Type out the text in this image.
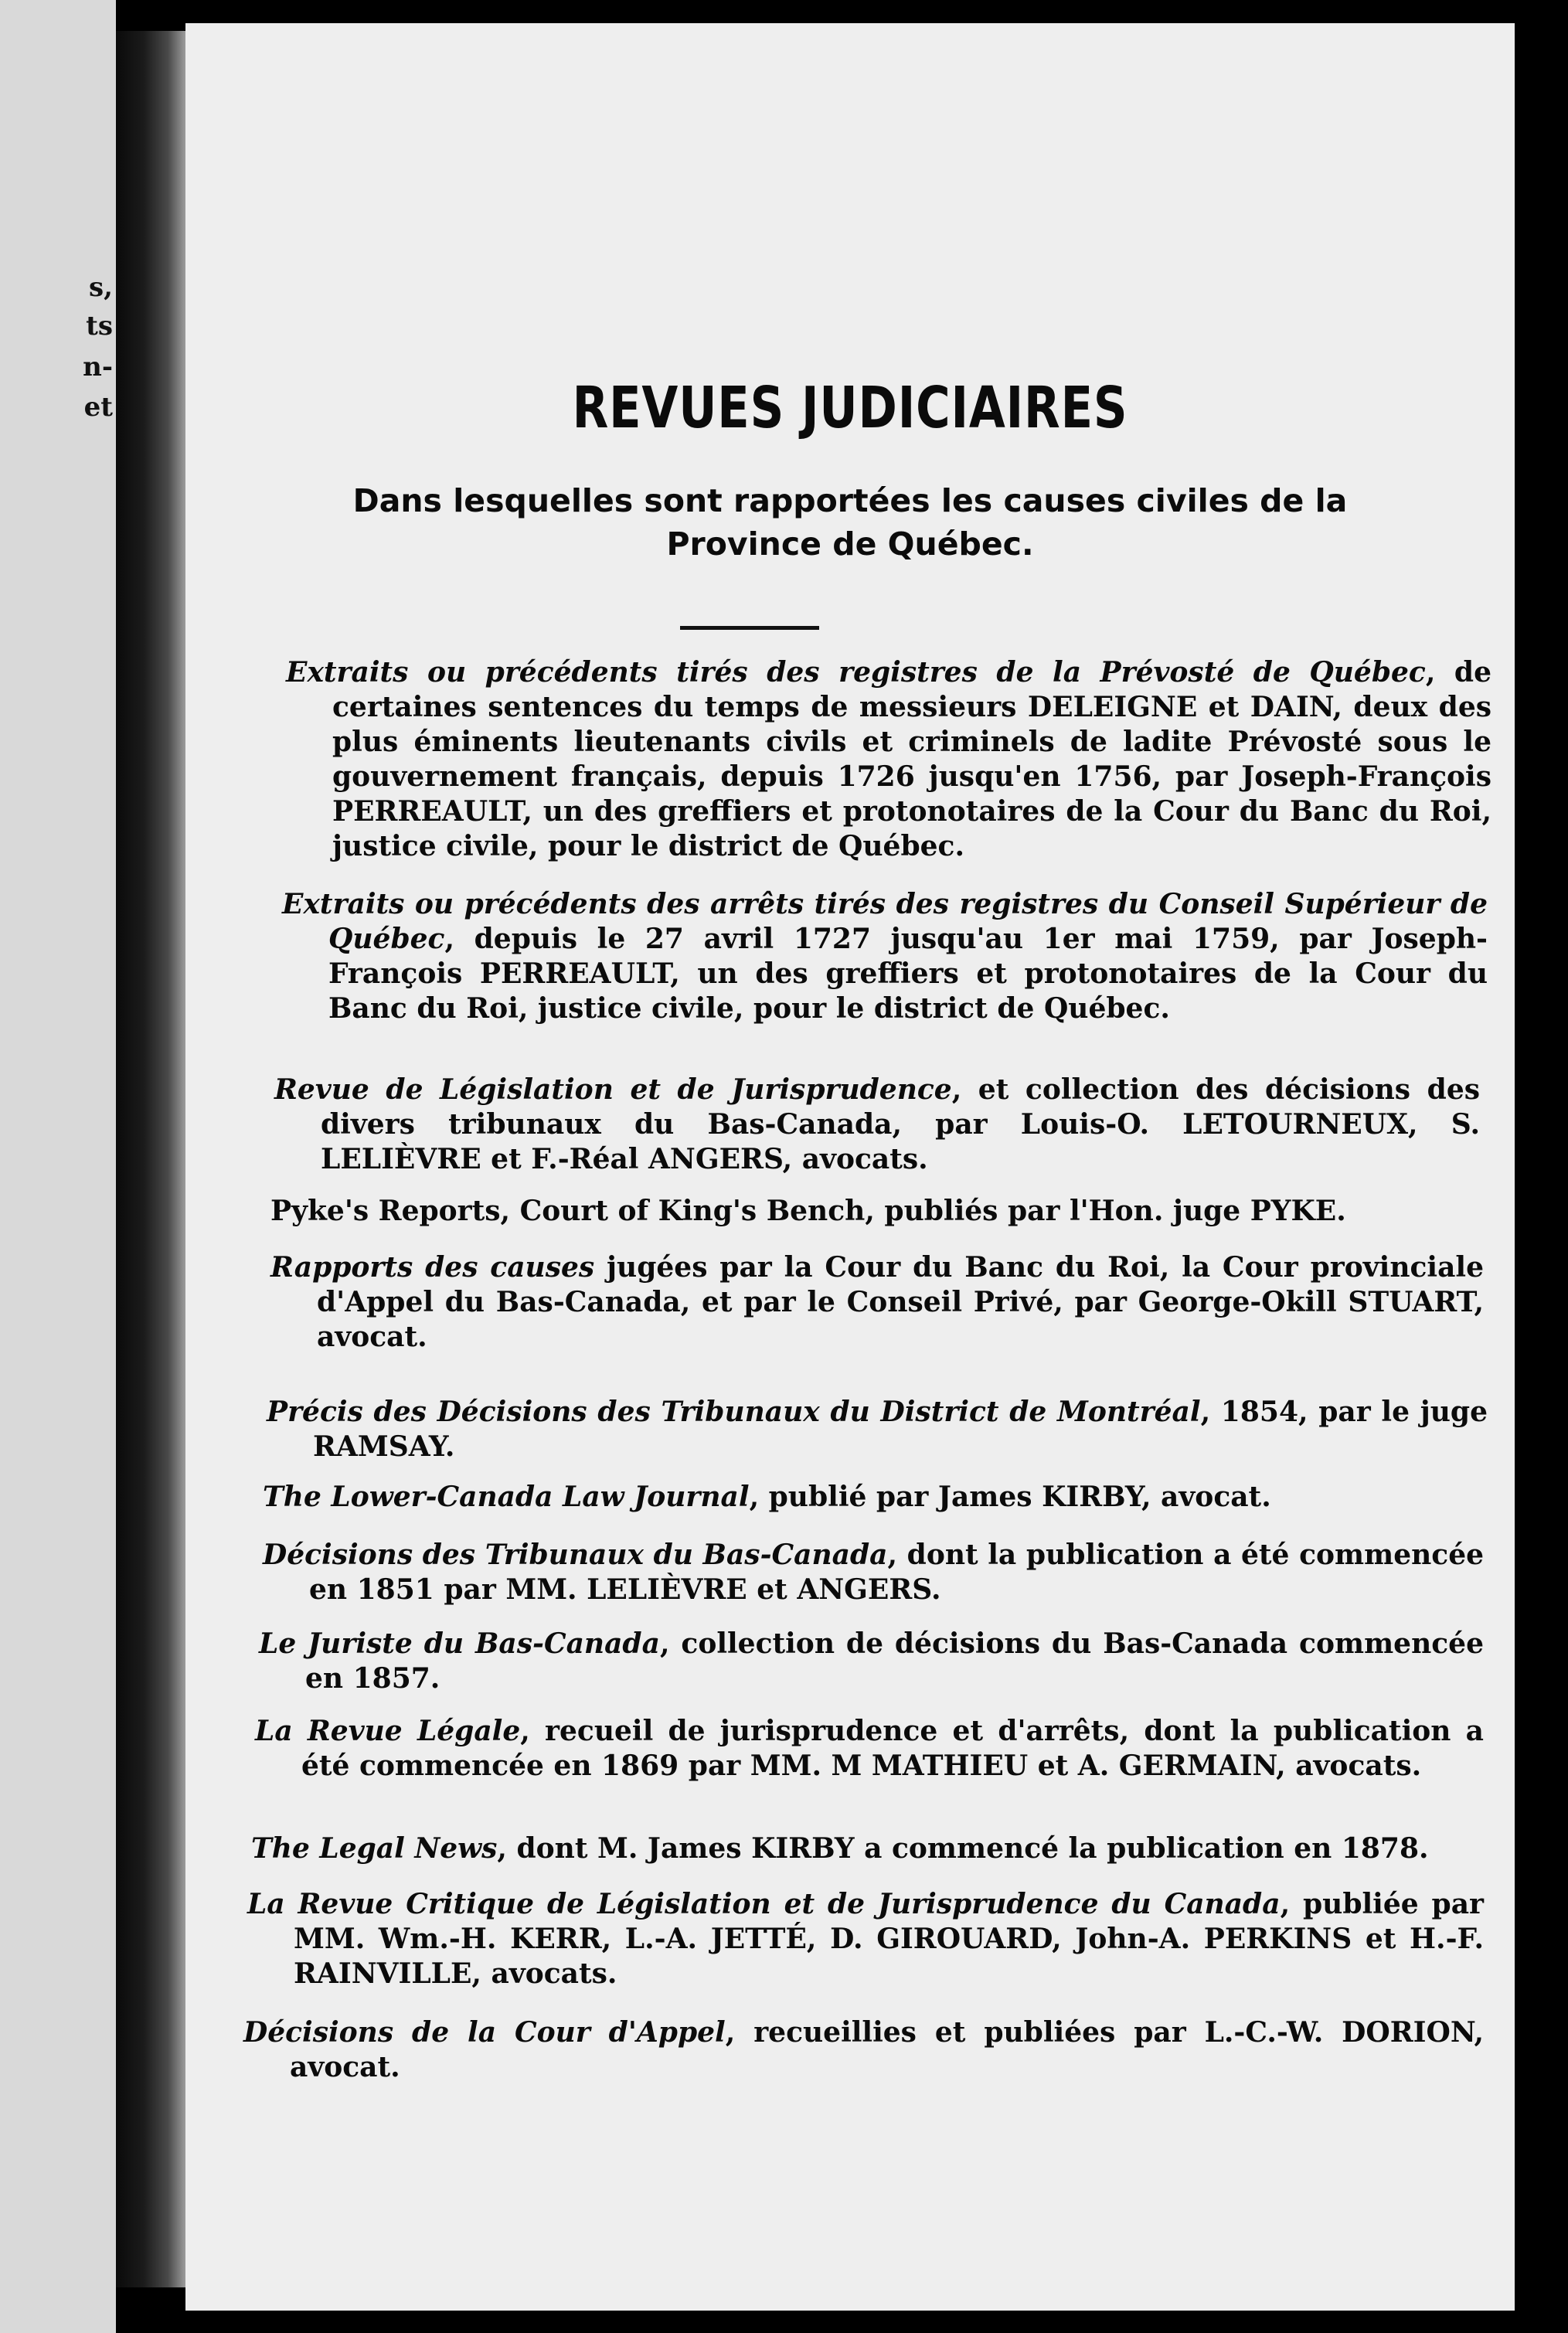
s,
ts
n-
et	REVUES JUDICIAIRES
Dans lesquelles sont rapportées les causes civiles de la Province de Québec.
Extraits ou précédents tirés des registres de la Prévosté de Québec, de certaines sentences du temps de messieurs DELEIGNE et DAIN, deux des plus éminents lieutenants civils et criminels de ladite Prévosté sous le gouvernement français, depuis 1726 jusqu'en 1756, par Joseph-François PERREAULT, un des greffiers et protonotaires de la Cour du Banc du Roi, justice civile, pour le district de Québec.
Extraits ou précédents des arrêts tirés des registres du Conseil Supérieur de Québec, depuis le 27 avril 1727 jusqu'au 1er mai 1759, par Joseph-François PERREAULT, un des greffiers et protonotaires de la Cour du Banc du Roi, justice civile, pour le district de Québec.
Revue de Législation et de Jurisprudence, et collection des décisions des divers tribunaux du Bas-Canada, par Louis-O. LETOURNEUX, S. LELIÈVRE et F.-Réal ANGERS, avocats.
Pyke's Reports, Court of King's Bench, publiés par l'Hon. juge PYKE.
Rapports des causes jugées par la Cour du Banc du Roi, la Cour provinciale d'Appel du Bas-Canada, et par le Conseil Privé, par George-Okill STUART, avocat.
Précis des Décisions des Tribunaux du District de Montréal, 1854, par le juge RAMSAY.
The Lower-Canada Law Journal, publié par James KIRBY, avocat.
Décisions des Tribunaux du Bas-Canada, dont la publication a été commencée en 1851 par MM. LELIÈVRE et ANGERS.
Le Juriste du Bas-Canada, collection de décisions du Bas-Canada commencée en 1857.
La Revue Légale, recueil de jurisprudence et d'arrêts, dont la publication a été commencée en 1869 par MM. M MATHIEU et A. GERMAIN, avocats.
The Legal News, dont M. James KIRBY a commencé la publication en 1878.
La Revue Critique de Législation et de Jurisprudence du Canada, publiée par MM. Wm.-H. KERR, L.-A. JETTÉ, D. GIROUARD, John-A. PERKINS et H.-F. RAINVILLE, avocats.
Décisions de la Cour d'Appel, recueillies et publiées par L.-C.-W. DORION, avocat.
